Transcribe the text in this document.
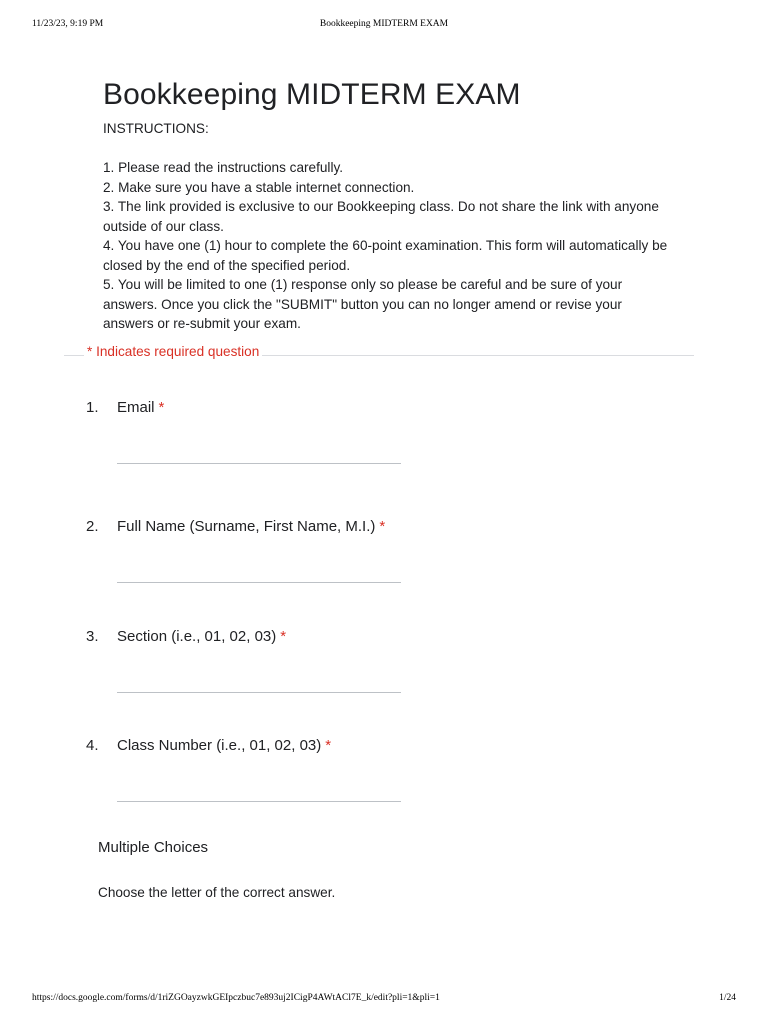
11/23/23, 9:19 PM	Bookkeeping MIDTERM EXAM
Bookkeeping MIDTERM EXAM

INSTRUCTIONS:

1. Please read the instructions carefully.

2. Make sure you have a stable internet connection.

3. The link provided is exclusive to our Bookkeeping class. Do not share the link with anyone outside of our class.

4. You have one (1) hour to complete the 60-point examination. This form will automatically be closed by the end of the specified period.

5. You will be limited to one (1) response only so please be careful and be sure of your answers. Once you click the "SUBMIT" button you can no longer amend or revise your answers or re-submit your exam.

* Indicates required question
1. Email *
2. Full Name (Surname, First Name, M.I.) *
3. Section (i.e., 01, 02, 03) *
4. Class Number (i.e., 01, 02, 03) *
Multiple Choices
Choose the letter of the correct answer.
https://docs.google.com/forms/d/1riZGOayzwkGEIpczbuc7e893uj2ICigP4AWtACl7E_k/edit?pli=1&pli=1	1/24
